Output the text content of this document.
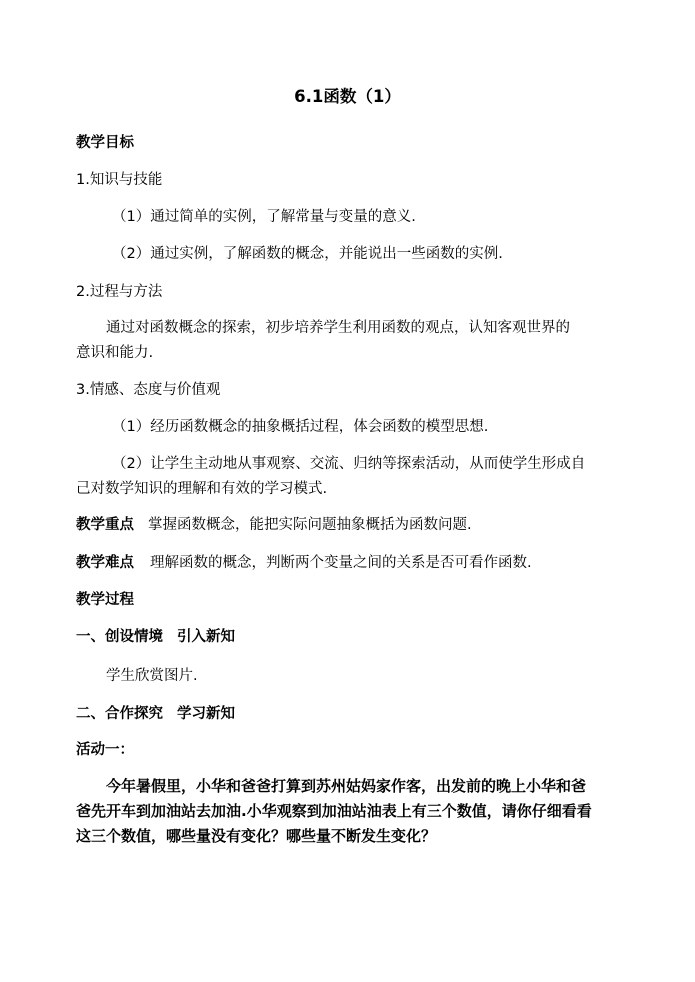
6.1函数（1）
教学目标
1.知识与技能
（1）通过简单的实例，了解常量与变量的意义.
（2）通过实例，了解函数的概念，并能说出一些函数的实例.
2.过程与方法
通过对函数概念的探索，初步培养学生利用函数的观点，认知客观世界的
意识和能力.
3.情感、态度与价值观
（1）经历函数概念的抽象概括过程，体会函数的模型思想.
（2）让学生主动地从事观察、交流、归纳等探索活动，从而使学生形成自
己对数学知识的理解和有效的学习模式.
教学重点 掌握函数概念，能把实际问题抽象概括为函数问题.
教学难点 理解函数的概念，判断两个变量之间的关系是否可看作函数.
教学过程
一、创设情境 引入新知
学生欣赏图片.
二、合作探究 学习新知
活动一：
今年暑假里，小华和爸爸打算到苏州姑妈家作客，出发前的晚上小华和爸
爸先开车到加油站去加油.小华观察到加油站油表上有三个数值，请你仔细看看
这三个数值，哪些量没有变化？哪些量不断发生变化？
